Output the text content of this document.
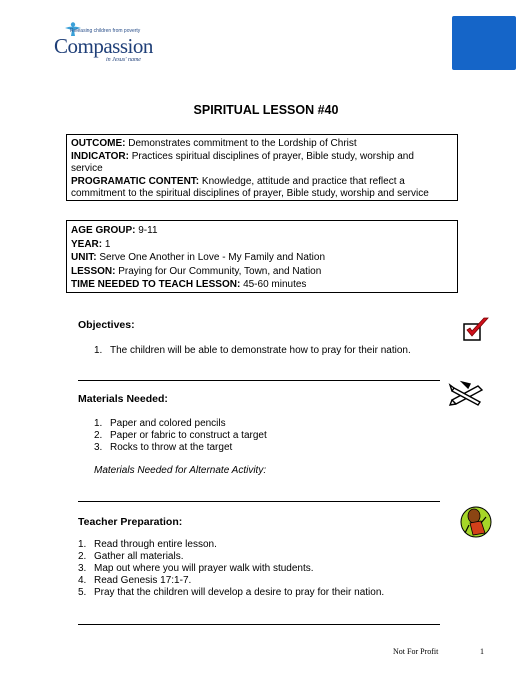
Releasing children from poverty
Compassion
in Jesus' name
SPIRITUAL LESSON #40

OUTCOME: Demonstrates commitment to the Lordship of Christ

INDICATOR: Practices spiritual disciplines of prayer, Bible study, worship and
service

PROGRAMATIC CONTENT: Knowledge, attitude and practice that reflect a
commitment to the spiritual disciplines of prayer, Bible study, worship and service

AGE GROUP: 9-11

YEAR: 1

UNIT: Serve One Another in Love - My Family and Nation

LESSON: Praying for Our Community, Town, and Nation

TIME NEEDED TO TEACH LESSON: 45-60 minutes

Objectives:
1. The children will be able to demonstrate how to pray for their nation.
Materials Needed:
1. Paper and colored pencils
2. Paper or fabric to construct a target
3. Rocks to throw at the target
Materials Needed for Alternate Activity:
Teacher Preparation:
1. Read through entire lesson.
2. Gather all materials.
3. Map out where you will prayer walk with students.
4. Read Genesis 17:1-7.
5. Pray that the children will develop a desire to pray for their nation.
Not For Profit	1
